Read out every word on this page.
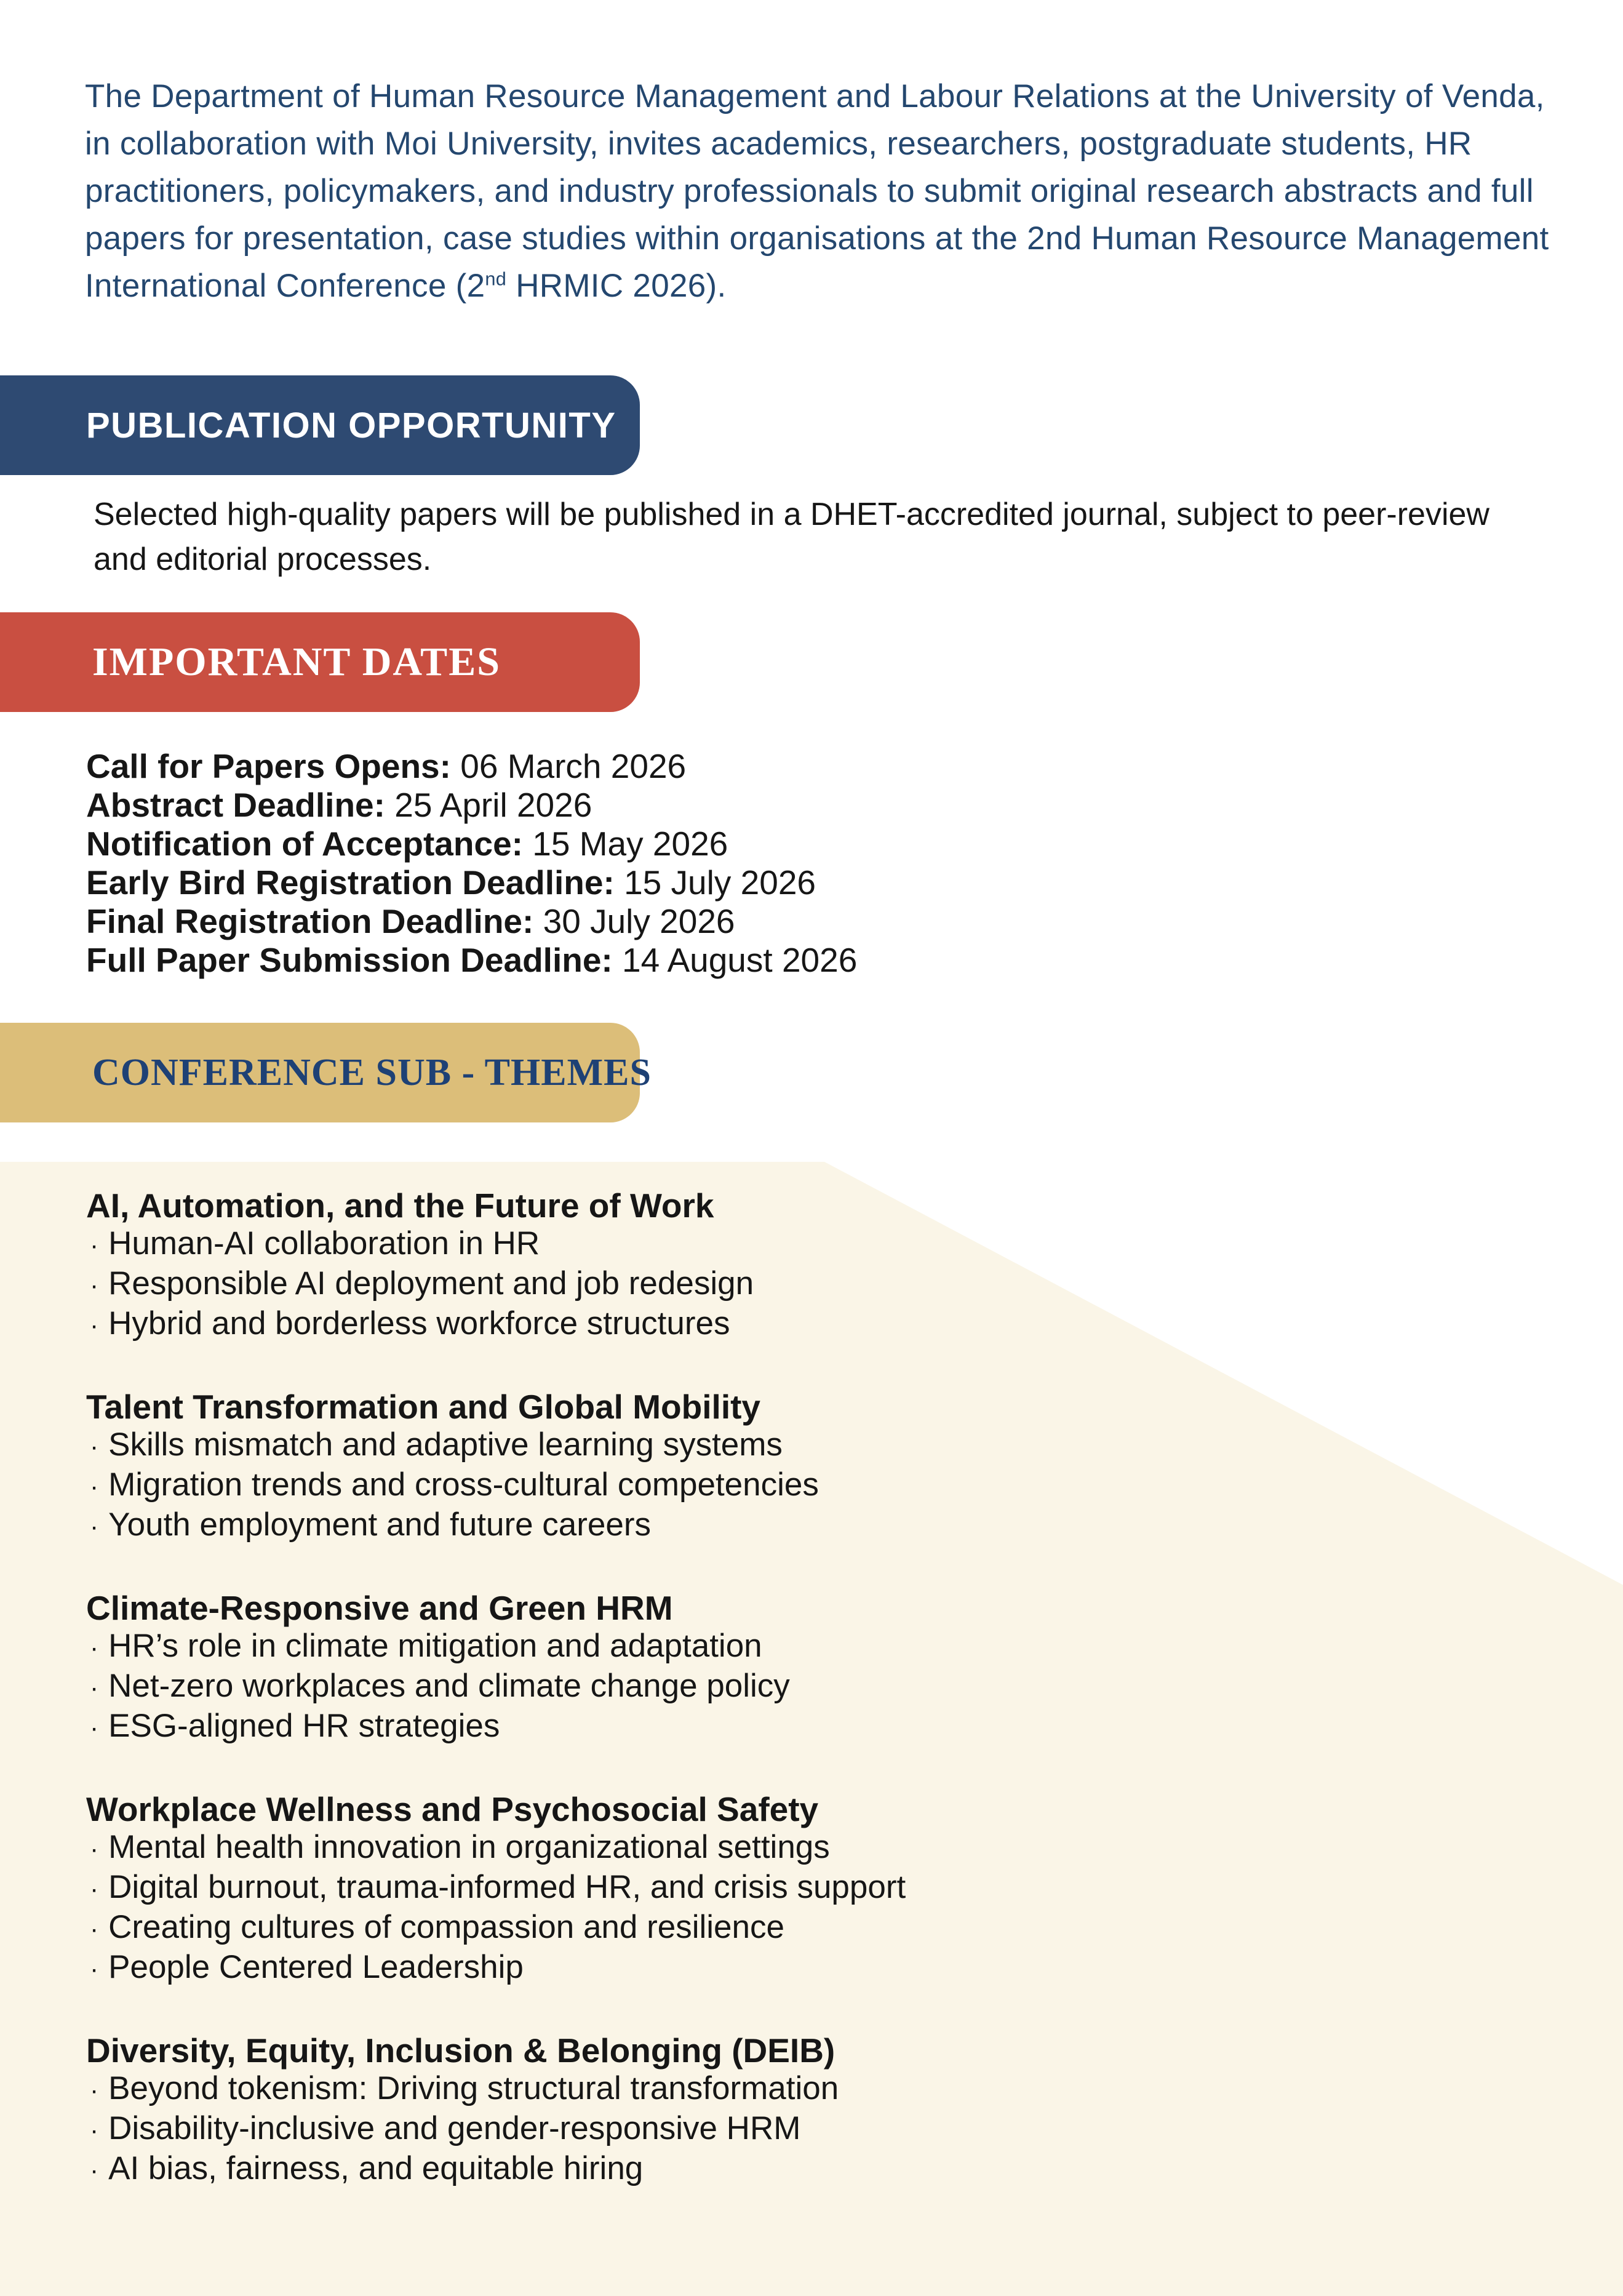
The Department of Human Resource Management and Labour Relations at the University of Venda, in collaboration with Moi University, invites academics, researchers, postgraduate students, HR practitioners, policymakers, and industry professionals to submit original research abstracts and full papers for presentation, case studies within organisations at the 2nd Human Resource Management International Conference (2nd HRMIC 2026).

PUBLICATION OPPORTUNITY

Selected high-quality papers will be published in a DHET-accredited journal, subject to peer-review and editorial processes.

IMPORTANT DATES
Call for Papers Opens: 06 March 2026
Abstract Deadline: 25 April 2026
Notification of Acceptance: 15 May 2026
Early Bird Registration Deadline: 15 July 2026
Final Registration Deadline: 30 July 2026
Full Paper Submission Deadline: 14 August 2026
CONFERENCE SUB - THEMES
AI, Automation, and the Future of Work
· Human-AI collaboration in HR
· Responsible AI deployment and job redesign
· Hybrid and borderless workforce structures
Talent Transformation and Global Mobility
· Skills mismatch and adaptive learning systems
· Migration trends and cross-cultural competencies
· Youth employment and future careers
Climate-Responsive and Green HRM
· HR’s role in climate mitigation and adaptation
· Net-zero workplaces and climate change policy
· ESG-aligned HR strategies
Workplace Wellness and Psychosocial Safety
· Mental health innovation in organizational settings
· Digital burnout, trauma-informed HR, and crisis support
· Creating cultures of compassion and resilience
· People Centered Leadership
Diversity, Equity, Inclusion & Belonging (DEIB)
· Beyond tokenism: Driving structural transformation
· Disability-inclusive and gender-responsive HRM
· AI bias, fairness, and equitable hiring
